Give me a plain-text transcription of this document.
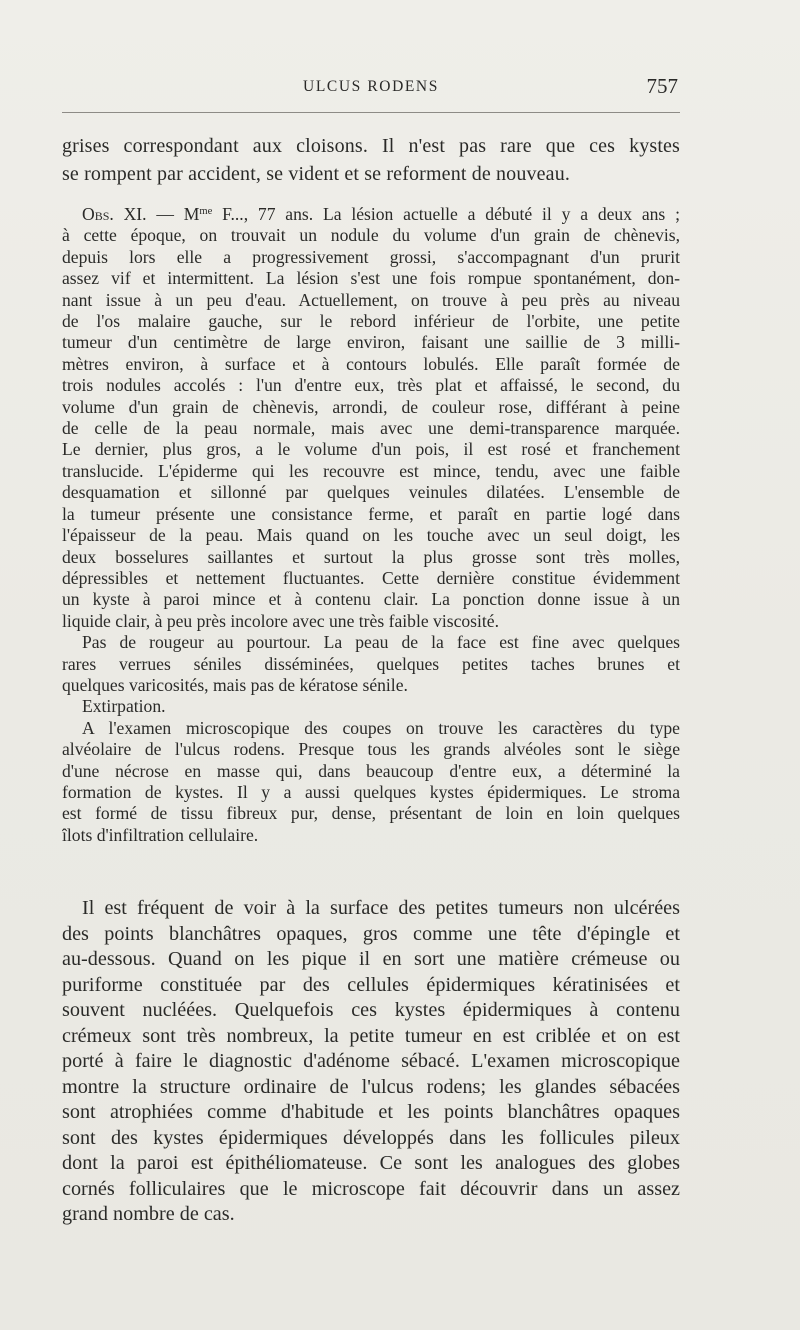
ULCUS RODENS	757

grises correspondant aux cloisons. Il n'est pas rare que ces kystes
se rompent par accident, se vident et se reforment de nouveau.

Obs. XI. — $M^{me}$ F..., 77 ans. La lésion actuelle a débuté il y a deux ans ;
à cette époque, on trouvait un nodule du volume d'un grain de chènevis,
depuis lors elle a progressivement grossi, s'accompagnant d'un prurit
assez vif et intermittent. La lésion s'est une fois rompue spontanément, don-
nant issue à un peu d'eau. Actuellement, on trouve à peu près au niveau
de l'os malaire gauche, sur le rebord inférieur de l'orbite, une petite
tumeur d'un centimètre de large environ, faisant une saillie de 3 milli-
mètres environ, à surface et à contours lobulés. Elle paraît formée de
trois nodules accolés : l'un d'entre eux, très plat et affaissé, le second, du
volume d'un grain de chènevis, arrondi, de couleur rose, différant à peine
de celle de la peau normale, mais avec une demi-transparence marquée.
Le dernier, plus gros, a le volume d'un pois, il est rosé et franchement
translucide. L'épiderme qui les recouvre est mince, tendu, avec une faible
desquamation et sillonné par quelques veinules dilatées. L'ensemble de
la tumeur présente une consistance ferme, et paraît en partie logé dans
l'épaisseur de la peau. Mais quand on les touche avec un seul doigt, les
deux bosselures saillantes et surtout la plus grosse sont très molles,
dépressibles et nettement fluctuantes. Cette dernière constitue évidemment
un kyste à paroi mince et à contenu clair. La ponction donne issue à un
liquide clair, à peu près incolore avec une très faible viscosité.

Pas de rougeur au pourtour. La peau de la face est fine avec quelques
rares verrues séniles disséminées, quelques petites taches brunes et
quelques varicosités, mais pas de kératose sénile.

Extirpation.

A l'examen microscopique des coupes on trouve les caractères du type
alvéolaire de l'ulcus rodens. Presque tous les grands alvéoles sont le siège
d'une nécrose en masse qui, dans beaucoup d'entre eux, a déterminé la
formation de kystes. Il y a aussi quelques kystes épidermiques. Le stroma
est formé de tissu fibreux pur, dense, présentant de loin en loin quelques
îlots d'infiltration cellulaire.

Il est fréquent de voir à la surface des petites tumeurs non ulcérées
des points blanchâtres opaques, gros comme une tête d'épingle et
au-dessous. Quand on les pique il en sort une matière crémeuse ou
puriforme constituée par des cellules épidermiques kératinisées et
souvent nucléées. Quelquefois ces kystes épidermiques à contenu
crémeux sont très nombreux, la petite tumeur en est criblée et on est
porté à faire le diagnostic d'adénome sébacé. L'examen microscopique
montre la structure ordinaire de l'ulcus rodens; les glandes sébacées
sont atrophiées comme d'habitude et les points blanchâtres opaques
sont des kystes épidermiques développés dans les follicules pileux
dont la paroi est épithéliomateuse. Ce sont les analogues des globes
cornés folliculaires que le microscope fait découvrir dans un assez
grand nombre de cas.
